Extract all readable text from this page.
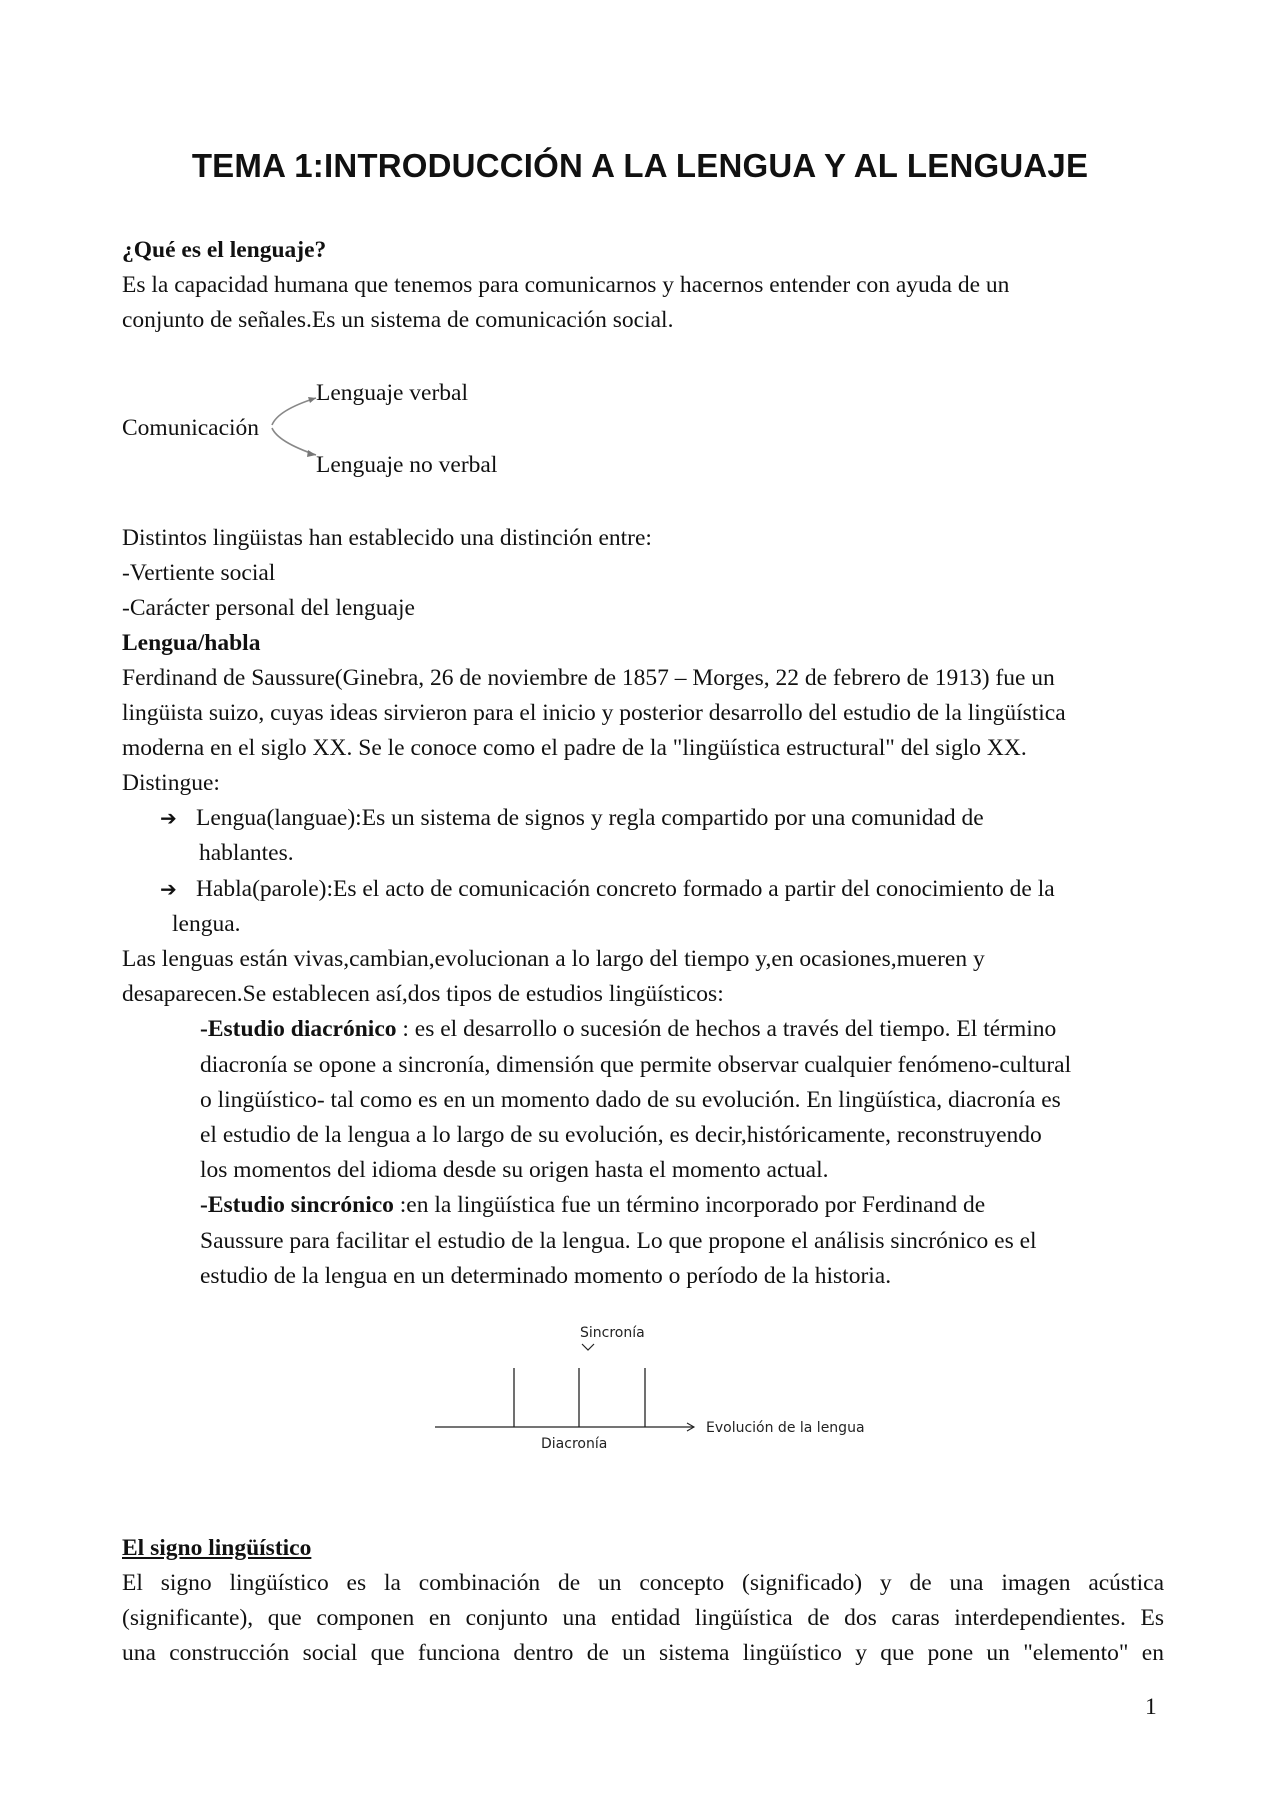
TEMA 1:INTRODUCCIÓN A LA LENGUA Y AL LENGUAJE
¿Qué es el lenguaje?
Es la capacidad humana que tenemos para comunicarnos y hacernos entender con ayuda de un
conjunto de señales.Es un sistema de comunicación social.
Comunicación
Lenguaje verbal
Lenguaje no verbal
Distintos lingüistas han establecido una distinción entre:
-Vertiente social
-Carácter personal del lenguaje
Lengua/habla
Ferdinand de Saussure(Ginebra, 26 de noviembre de 1857 – Morges, 22 de febrero de 1913) fue un
lingüista suizo, cuyas ideas sirvieron para el inicio y posterior desarrollo del estudio de la lingüística
moderna en el siglo XX. Se le conoce como el padre de la "lingüística estructural" del siglo XX.
Distingue:
➔ Lengua(languae):Es un sistema de signos y regla compartido por una comunidad de
hablantes.
➔ Habla(parole):Es el acto de comunicación concreto formado a partir del conocimiento de la
lengua.
Las lenguas están vivas,cambian,evolucionan a lo largo del tiempo y,en ocasiones,mueren y
desaparecen.Se establecen así,dos tipos de estudios lingüísticos:
-Estudio diacrónico : es el desarrollo o sucesión de hechos a través del tiempo. El término
diacronía se opone a sincronía, dimensión que permite observar cualquier fenómeno-cultural
o lingüístico- tal como es en un momento dado de su evolución. En lingüística, diacronía es
el estudio de la lengua a lo largo de su evolución, es decir,históricamente, reconstruyendo
los momentos del idioma desde su origen hasta el momento actual.
-Estudio sincrónico :en la lingüística fue un término incorporado por Ferdinand de
Saussure para facilitar el estudio de la lengua. Lo que propone el análisis sincrónico es el
estudio de la lengua en un determinado momento o período de la historia.
Sincronía
Evolución de la lengua
Diacronía
El signo lingüístico
El signo lingüístico es la combinación de un concepto (significado) y de una imagen acústica
(significante), que componen en conjunto una entidad lingüística de dos caras interdependientes. Es
una construcción social que funciona dentro de un sistema lingüístico y que pone un "elemento" en
1
